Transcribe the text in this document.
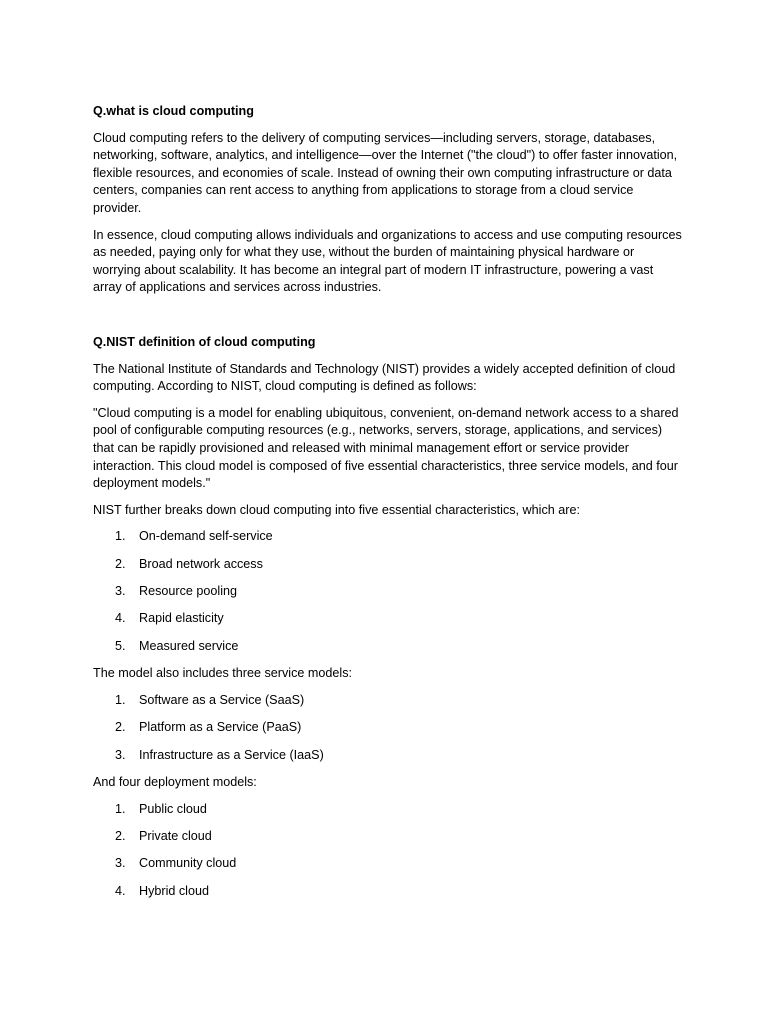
Q.what is cloud computing

Cloud computing refers to the delivery of computing services—including servers, storage, databases, networking, software, analytics, and intelligence—over the Internet ("the cloud") to offer faster innovation, flexible resources, and economies of scale. Instead of owning their own computing infrastructure or data centers, companies can rent access to anything from applications to storage from a cloud service provider.

In essence, cloud computing allows individuals and organizations to access and use computing resources as needed, paying only for what they use, without the burden of maintaining physical hardware or worrying about scalability. It has become an integral part of modern IT infrastructure, powering a vast array of applications and services across industries.

Q.NIST definition of cloud computing

The National Institute of Standards and Technology (NIST) provides a widely accepted definition of cloud computing. According to NIST, cloud computing is defined as follows:

"Cloud computing is a model for enabling ubiquitous, convenient, on-demand network access to a shared pool of configurable computing resources (e.g., networks, servers, storage, applications, and services) that can be rapidly provisioned and released with minimal management effort or service provider interaction. This cloud model is composed of five essential characteristics, three service models, and four deployment models."

NIST further breaks down cloud computing into five essential characteristics, which are:

1. On-demand self-service
2. Broad network access
3. Resource pooling
4. Rapid elasticity
5. Measured service

The model also includes three service models:

1. Software as a Service (SaaS)
2. Platform as a Service (PaaS)
3. Infrastructure as a Service (IaaS)

And four deployment models:

1. Public cloud
2. Private cloud
3. Community cloud
4. Hybrid cloud
